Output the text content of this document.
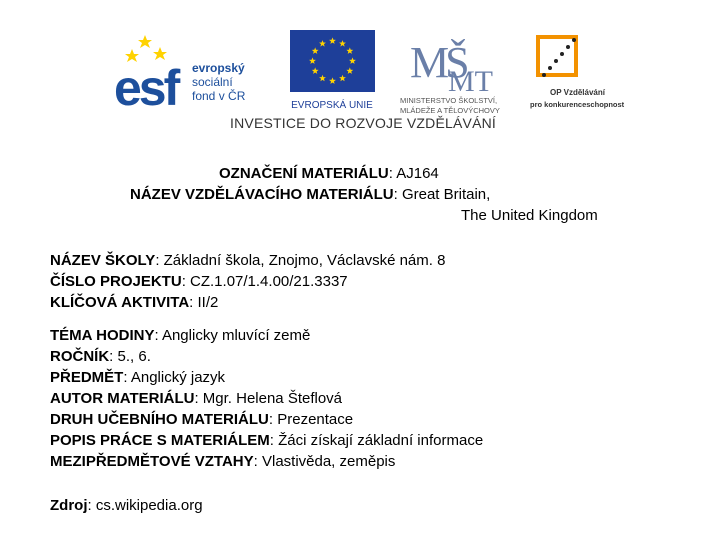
esf evropský
sociální
fond v ČR
EVROPSKÁ UNIE
MŠ
MT
MINISTERSTVO ŠKOLSTVÍ,
MLÁDEŽE A TĚLOVÝCHOVY
OP Vzdělávání
pro konkurenceschopnost
INVESTICE DO ROZVOJE VZDĚLÁVÁNÍ
OZNAČENÍ MATERIÁLU: AJ164
NÁZEV VZDĚLÁVACÍHO MATERIÁLU: Great Britain,
The United Kingdom
NÁZEV ŠKOLY: Základní škola, Znojmo, Václavské nám. 8
ČÍSLO PROJEKTU: CZ.1.07/1.4.00/21.3337
KLÍČOVÁ AKTIVITA: II/2
TÉMA HODINY: Anglicky mluvící země
ROČNÍK: 5., 6.
PŘEDMĚT: Anglický jazyk
AUTOR MATERIÁLU: Mgr. Helena Šteflová
DRUH UČEBNÍHO MATERIÁLU: Prezentace
POPIS PRÁCE S MATERIÁLEM: Žáci získají základní informace
MEZIPŘEDMĚTOVÉ VZTAHY: Vlastivěda, zeměpis
Zdroj: cs.wikipedia.org
